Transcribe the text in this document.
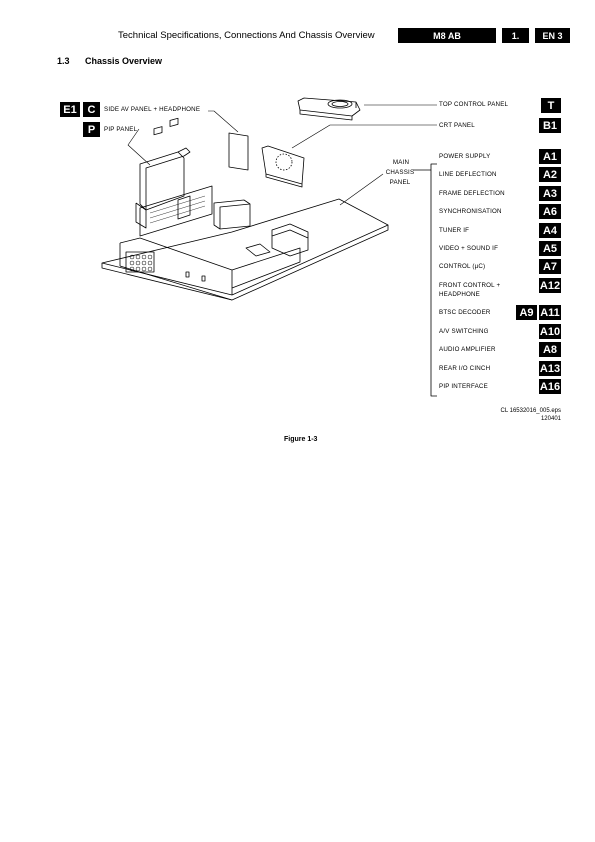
Technical Specifications, Connections And Chassis Overview	M8 AB	1.	EN 3
1.3 Chassis Overview
E1 C	SIDE AV PANEL + HEADPHONE
P	PIP PANEL
TOP CONTROL PANEL	T
CRT PANEL	B1
MAIN
CHASSIS
PANEL
POWER SUPPLY	A1
LINE DEFLECTION	A2
FRAME DEFLECTION	A3
SYNCHRONISATION	A6
TUNER IF	A4
VIDEO + SOUND IF	A5
CONTROL (µC)	A7
FRONT CONTROL +
HEADPHONE
A12
BTSC DECODER	A9 A11
A/V SWITCHING	A10
AUDIO AMPLIFIER	A8
REAR I/O CINCH	A13
PIP INTERFACE	A16
CL 16532016_005.eps
120401
Figure 1-3
